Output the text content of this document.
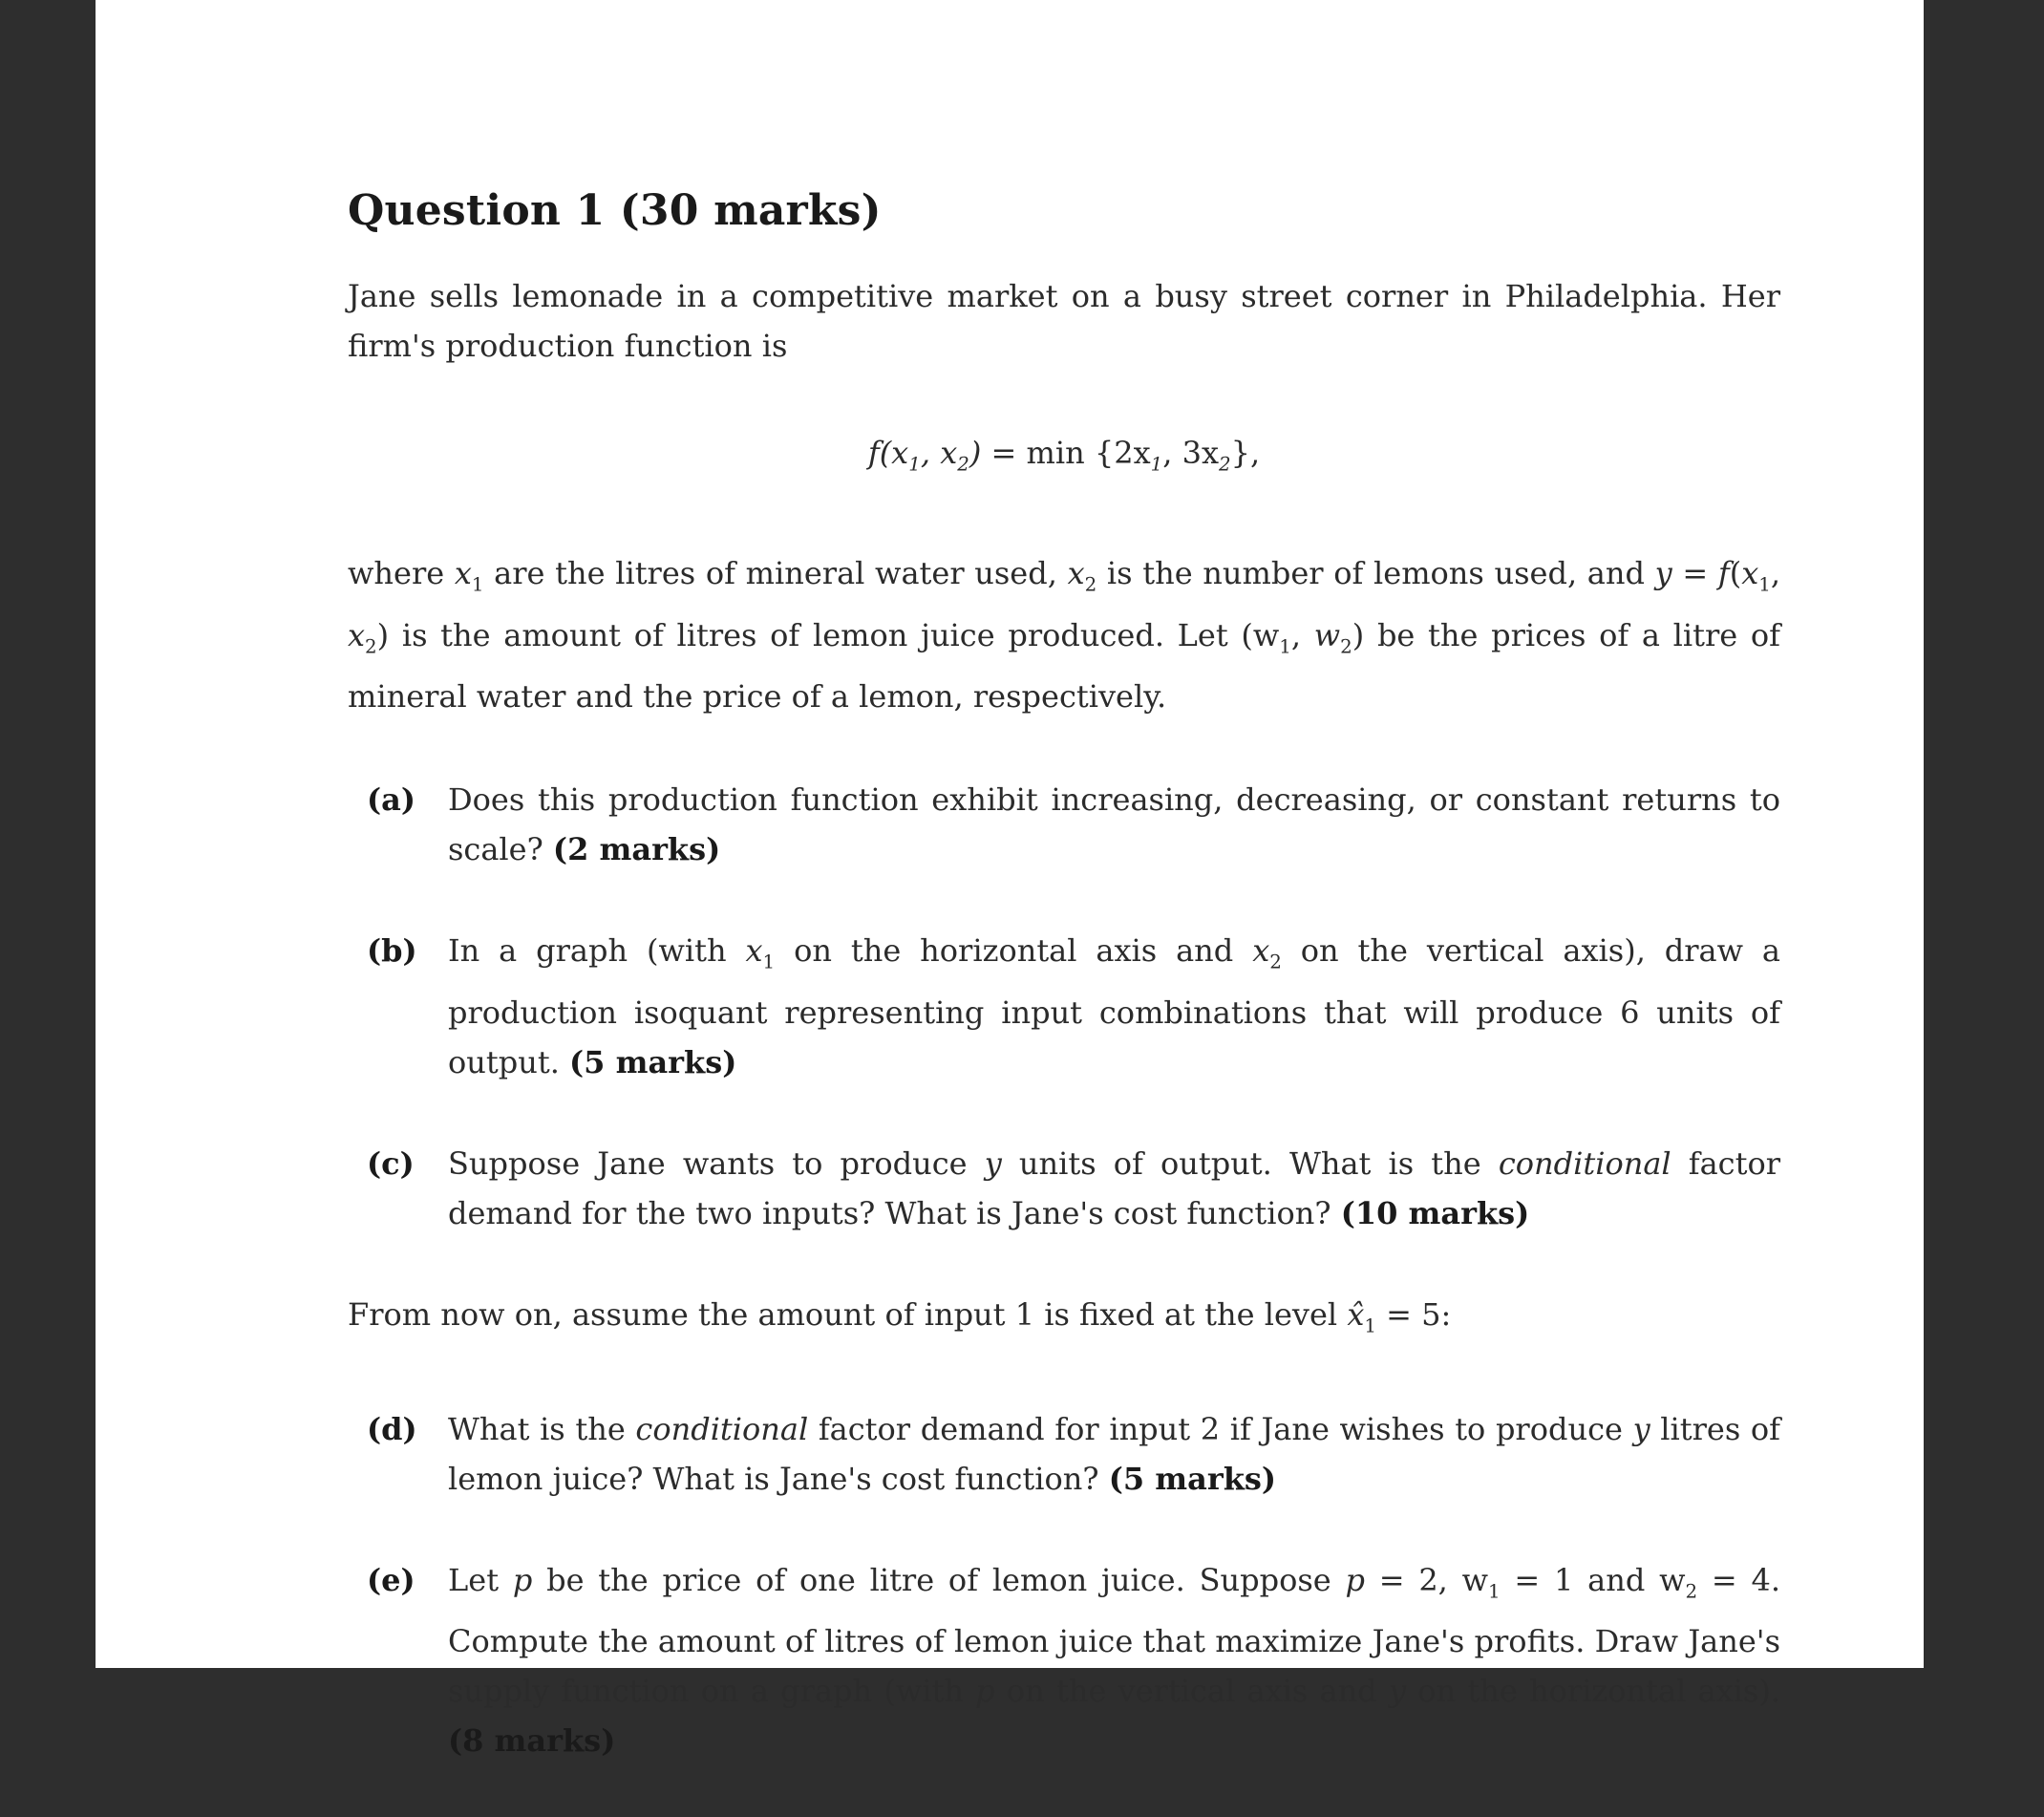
Question 1 (30 marks)

Jane sells lemonade in a competitive market on a busy street corner in Philadelphia. Her firm's production function is

$f(x_1$, $x_2) = \min \{2x_1$, $3x_2$},

where $x_1$ are the litres of mineral water used, $x_2$ is the number of lemons used, and $y = f(x_1$, $x_2$) is the amount of litres of lemon juice produced. Let ($w_1$, $w_2$) be the prices of a litre of mineral water and the price of a lemon, respectively.

(a) Does this production function exhibit increasing, decreasing, or constant returns to scale? (2 marks)
(b) In a graph (with $x_1$ on the horizontal axis and $x_2$ on the vertical axis), draw a production isoquant representing input combinations that will produce 6 units of output. (5 marks)
(c) Suppose Jane wants to produce y units of output. What is the conditional factor demand for the two inputs? What is Jane's cost function? (10 marks)

From now on, assume the amount of input 1 is fixed at the level $x̂_1 = 5$:

(d) What is the conditional factor demand for input 2 if Jane wishes to produce y litres of lemon juice? What is Jane's cost function? (5 marks)
(e) Let p be the price of one litre of lemon juice. Suppose p = 2, $w_1 = 1$ and $w_2 = 4$. Compute the amount of litres of lemon juice that maximize Jane's profits. Draw Jane's supply function on a graph (with p on the vertical axis and y on the horizontal axis). (8 marks)
